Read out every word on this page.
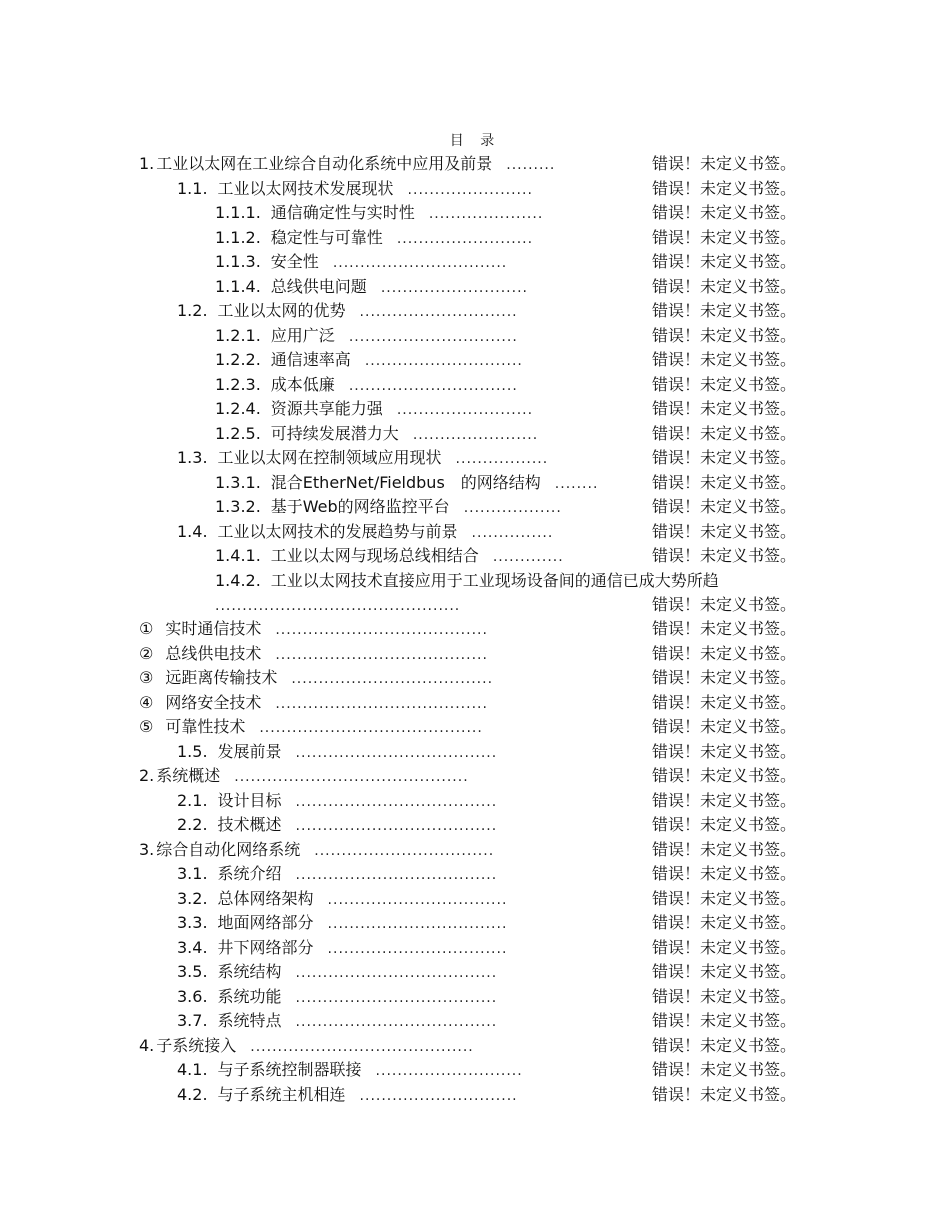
目 录
1. 工业以太网在工业综合自动化系统中应用及前景 .........	错误！未定义书签。
1.1. 工业以太网技术发展现状 .......................	错误！未定义书签。
1.1.1. 通信确定性与实时性 .....................	错误！未定义书签。
1.1.2. 稳定性与可靠性 .........................	错误！未定义书签。
1.1.3. 安全性 ................................	错误！未定义书签。
1.1.4. 总线供电问题 ...........................	错误！未定义书签。
1.2. 工业以太网的优势 .............................	错误！未定义书签。
1.2.1. 应用广泛 ...............................	错误！未定义书签。
1.2.2. 通信速率高 .............................	错误！未定义书签。
1.2.3. 成本低廉 ...............................	错误！未定义书签。
1.2.4. 资源共享能力强 .........................	错误！未定义书签。
1.2.5. 可持续发展潜力大 .......................	错误！未定义书签。
1.3. 工业以太网在控制领域应用现状 .................	错误！未定义书签。
1.3.1. 混合EtherNet/Fieldbus　的网络结构 ........	错误！未定义书签。
1.3.2. 基于Web的网络监控平台 ..................	错误！未定义书签。
1.4. 工业以太网技术的发展趋势与前景 ...............	错误！未定义书签。
1.4.1. 工业以太网与现场总线相结合 .............	错误！未定义书签。
1.4.2. 工业以太网技术直接应用于工业现场设备间的通信已成大势所趋
.............................................	错误！未定义书签。
① 实时通信技术 .......................................	错误！未定义书签。
② 总线供电技术 .......................................	错误！未定义书签。
③ 远距离传输技术 .....................................	错误！未定义书签。
④ 网络安全技术 .......................................	错误！未定义书签。
⑤ 可靠性技术 .........................................	错误！未定义书签。
1.5. 发展前景 .....................................	错误！未定义书签。
2. 系统概述 ...........................................	错误！未定义书签。
2.1. 设计目标 .....................................	错误！未定义书签。
2.2. 技术概述 .....................................	错误！未定义书签。
3. 综合自动化网络系统 .................................	错误！未定义书签。
3.1. 系统介绍 .....................................	错误！未定义书签。
3.2. 总体网络架构 .................................	错误！未定义书签。
3.3. 地面网络部分 .................................	错误！未定义书签。
3.4. 井下网络部分 .................................	错误！未定义书签。
3.5. 系统结构 .....................................	错误！未定义书签。
3.6. 系统功能 .....................................	错误！未定义书签。
3.7. 系统特点 .....................................	错误！未定义书签。
4. 子系统接入 .........................................	错误！未定义书签。
4.1. 与子系统控制器联接 ...........................	错误！未定义书签。
4.2. 与子系统主机相连 .............................	错误！未定义书签。
